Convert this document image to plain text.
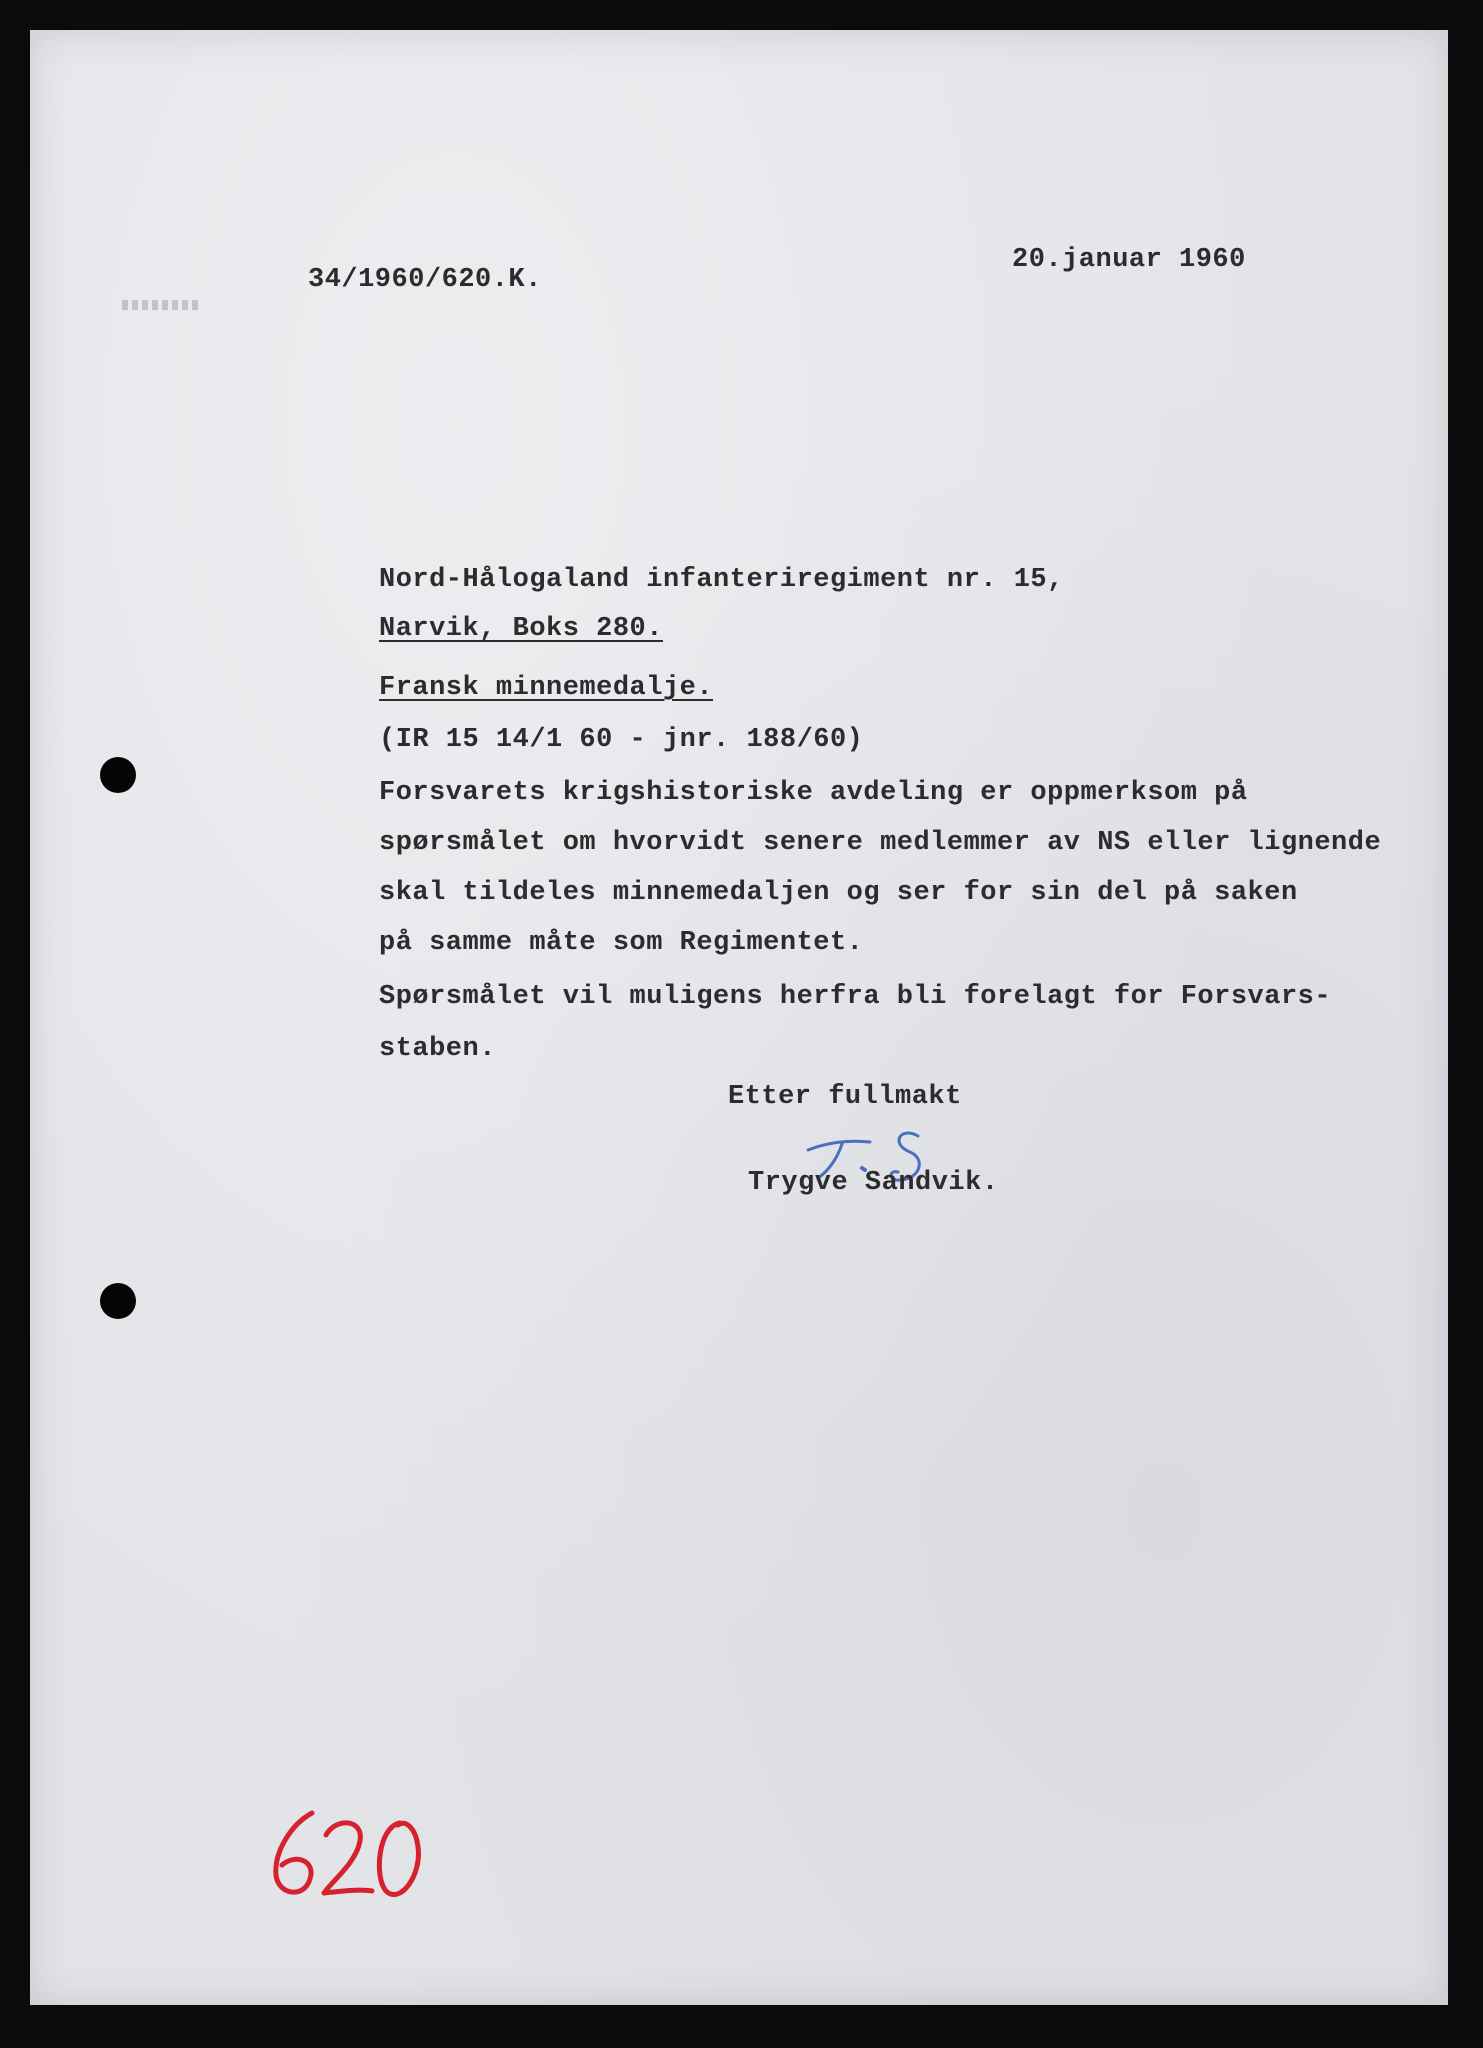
34/1960/620.K.

20.januar 1960

Nord-Hålogaland infanteriregiment nr. 15,

Narvik, Boks 280.

Fransk minnemedalje.

(IR 15 14/1 60 - jnr. 188/60)

Forsvarets krigshistoriske avdeling er oppmerksom på

spørsmålet om hvorvidt senere medlemmer av NS eller lignende

skal tildeles minnemedaljen og ser for sin del på saken

på samme måte som Regimentet.

Spørsmålet vil muligens herfra bli forelagt for Forsvars-

staben.

Etter fullmakt

Trygve Sandvik.
